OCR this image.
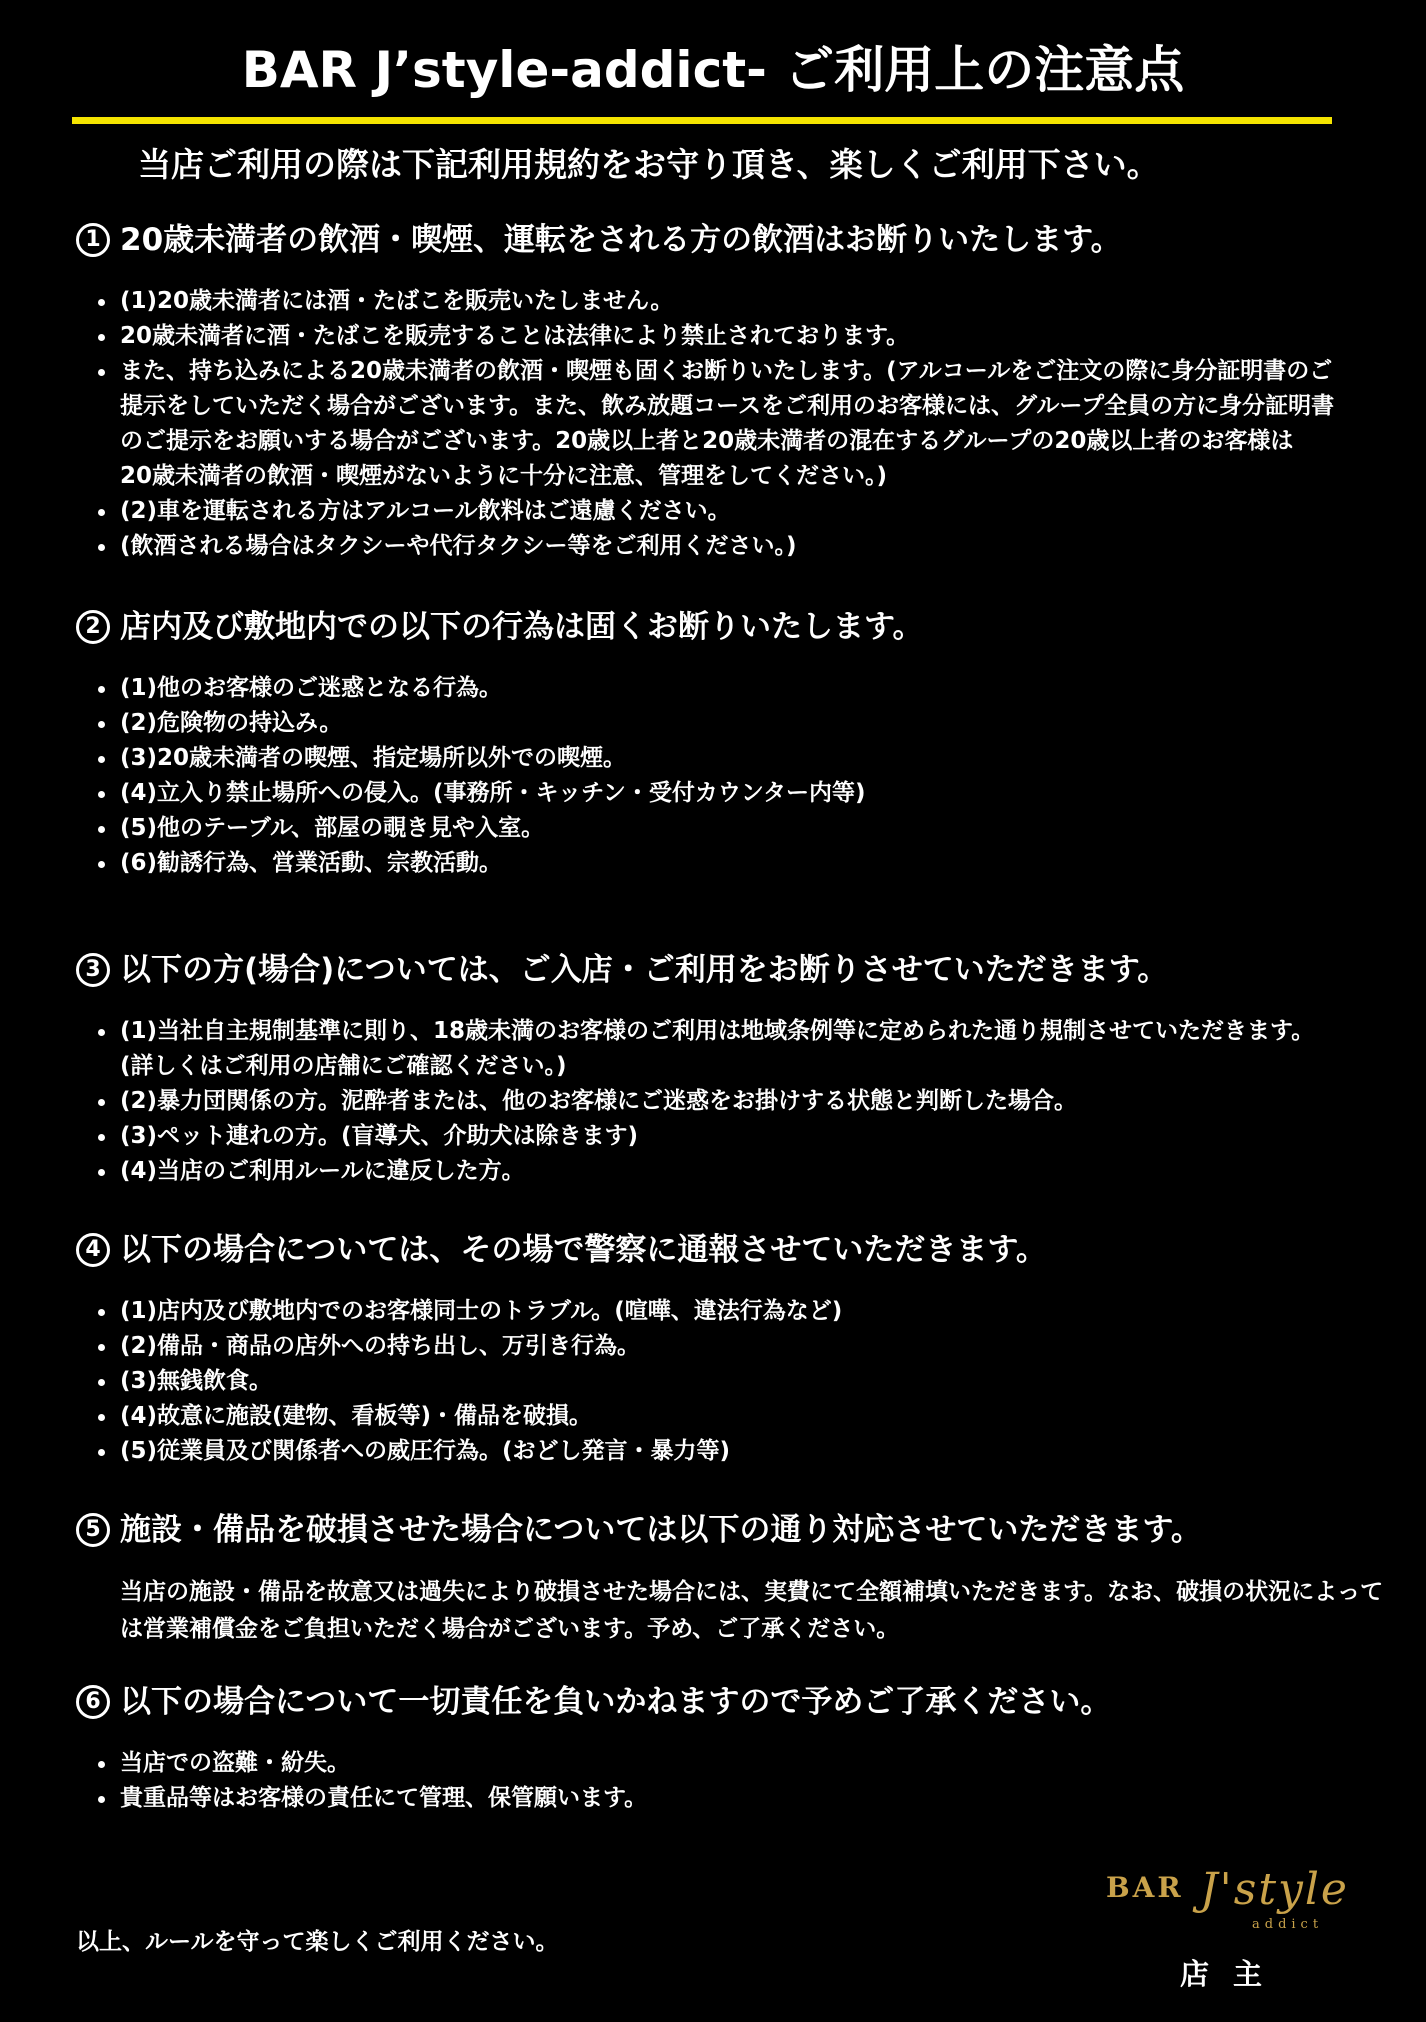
BAR J’style-addict- ご利用上の注意点
当店ご利用の際は下記利用規約をお守り頂き、楽しくご利用下さい。
1 20歳未満者の飲酒・喫煙、運転をされる方の飲酒はお断りいたします。
(1)20歳未満者には酒・たばこを販売いたしません。
20歳未満者に酒・たばこを販売することは法律により禁止されております。
また、持ち込みによる20歳未満者の飲酒・喫煙も固くお断りいたします。(アルコールをご注文の際に身分証明書のご
提示をしていただく場合がございます。また、飲み放題コースをご利用のお客様には、グループ全員の方に身分証明書
のご提示をお願いする場合がございます。20歳以上者と20歳未満者の混在するグループの20歳以上者のお客様は
20歳未満者の飲酒・喫煙がないように十分に注意、管理をしてください。)
(2)車を運転される方はアルコール飲料はご遠慮ください。
(飲酒される場合はタクシーや代行タクシー等をご利用ください。)
2 店内及び敷地内での以下の行為は固くお断りいたします。
(1)他のお客様のご迷惑となる行為。
(2)危険物の持込み。
(3)20歳未満者の喫煙、指定場所以外での喫煙。
(4)立入り禁止場所への侵入。(事務所・キッチン・受付カウンター内等)
(5)他のテーブル、部屋の覗き見や入室。
(6)勧誘行為、営業活動、宗教活動。
3 以下の方(場合)については、ご入店・ご利用をお断りさせていただきます。
(1)当社自主規制基準に則り、18歳未満のお客様のご利用は地域条例等に定められた通り規制させていただきます。
(詳しくはご利用の店舗にご確認ください。)
(2)暴力団関係の方。泥酔者または、他のお客様にご迷惑をお掛けする状態と判断した場合。
(3)ペット連れの方。(盲導犬、介助犬は除きます)
(4)当店のご利用ルールに違反した方。
4 以下の場合については、その場で警察に通報させていただきます。
(1)店内及び敷地内でのお客様同士のトラブル。(喧嘩、違法行為など)
(2)備品・商品の店外への持ち出し、万引き行為。
(3)無銭飲食。
(4)故意に施設(建物、看板等)・備品を破損。
(5)従業員及び関係者への威圧行為。(おどし発言・暴力等)
5 施設・備品を破損させた場合については以下の通り対応させていただきます。
当店の施設・備品を故意又は過失により破損させた場合には、実費にて全額補填いただきます。なお、破損の状況によって
は営業補償金をご負担いただく場合がございます。予め、ご了承ください。
6 以下の場合について一切責任を負いかねますので予めご了承ください。
当店での盗難・紛失。
貴重品等はお客様の責任にて管理、保管願います。
以上、ルールを守って楽しくご利用ください。
BAR J'style
addict
店主
